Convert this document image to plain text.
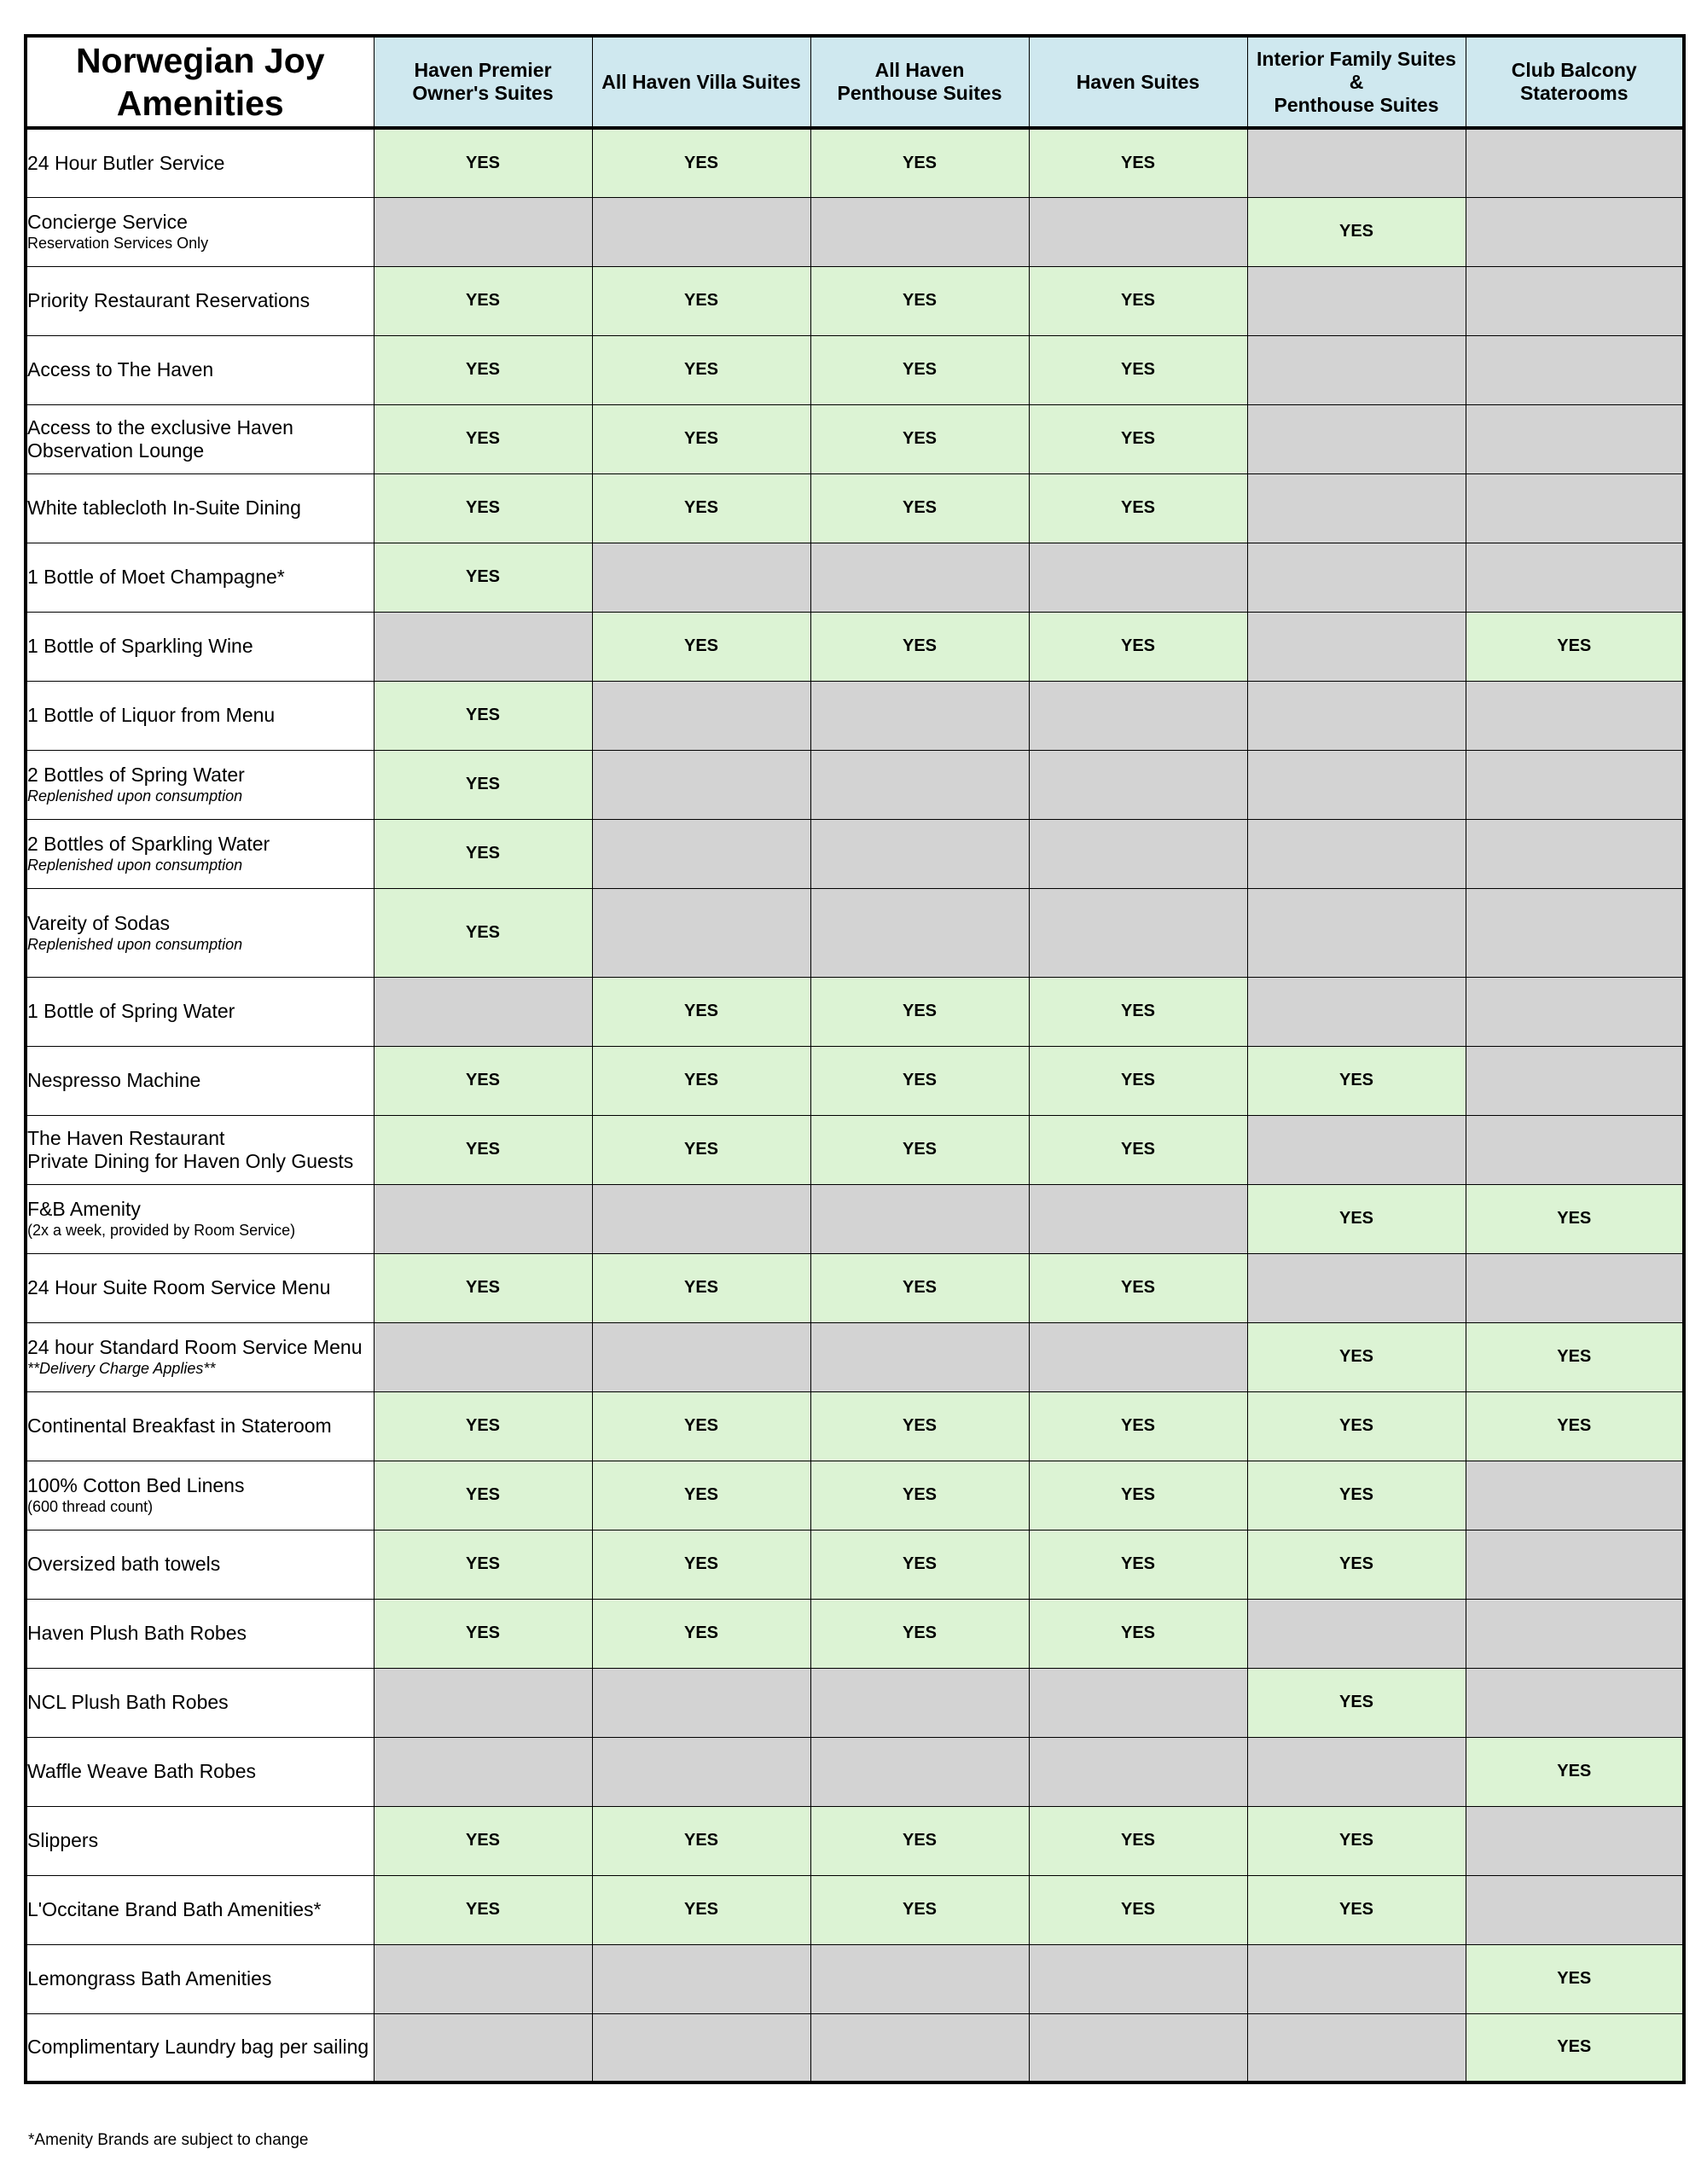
Norwegian Joy
Amenities	Haven Premier
Owner's Suites	All Haven Villa Suites	All Haven
Penthouse Suites	Haven Suites	Interior Family Suites
&
Penthouse Suites	Club Balcony
Staterooms

24 Hour Butler Service	YES	YES	YES	YES		

Concierge Service
Reservation Services Only					YES	

Priority Restaurant Reservations	YES	YES	YES	YES		

Access to The Haven	YES	YES	YES	YES		

Access to the exclusive Haven
Observation Lounge	YES	YES	YES	YES		

White tablecloth In-Suite Dining	YES	YES	YES	YES		

1 Bottle of Moet Champagne*	YES					

1 Bottle of Sparkling Wine		YES	YES	YES		YES

1 Bottle of Liquor from Menu	YES					

2 Bottles of Spring Water
Replenished upon consumption	YES					

2 Bottles of Sparkling Water
Replenished upon consumption	YES					

Vareity of Sodas
Replenished upon consumption	YES					

1 Bottle of Spring Water		YES	YES	YES		

Nespresso Machine	YES	YES	YES	YES	YES	

The Haven Restaurant
Private Dining for Haven Only Guests	YES	YES	YES	YES		

F&B Amenity
(2x a week, provided by Room Service)					YES	YES

24 Hour Suite Room Service Menu	YES	YES	YES	YES		

24 hour Standard Room Service Menu
**Delivery Charge Applies**					YES	YES

Continental Breakfast in Stateroom	YES	YES	YES	YES	YES	YES

100% Cotton Bed Linens
(600 thread count)	YES	YES	YES	YES	YES	

Oversized bath towels	YES	YES	YES	YES	YES	

Haven Plush Bath Robes	YES	YES	YES	YES		

NCL Plush Bath Robes					YES	

Waffle Weave Bath Robes						YES

Slippers	YES	YES	YES	YES	YES	

L'Occitane Brand Bath Amenities*	YES	YES	YES	YES	YES	

Lemongrass Bath Amenities						YES

Complimentary Laundry bag per sailing						YES
*Amenity Brands are subject to change
